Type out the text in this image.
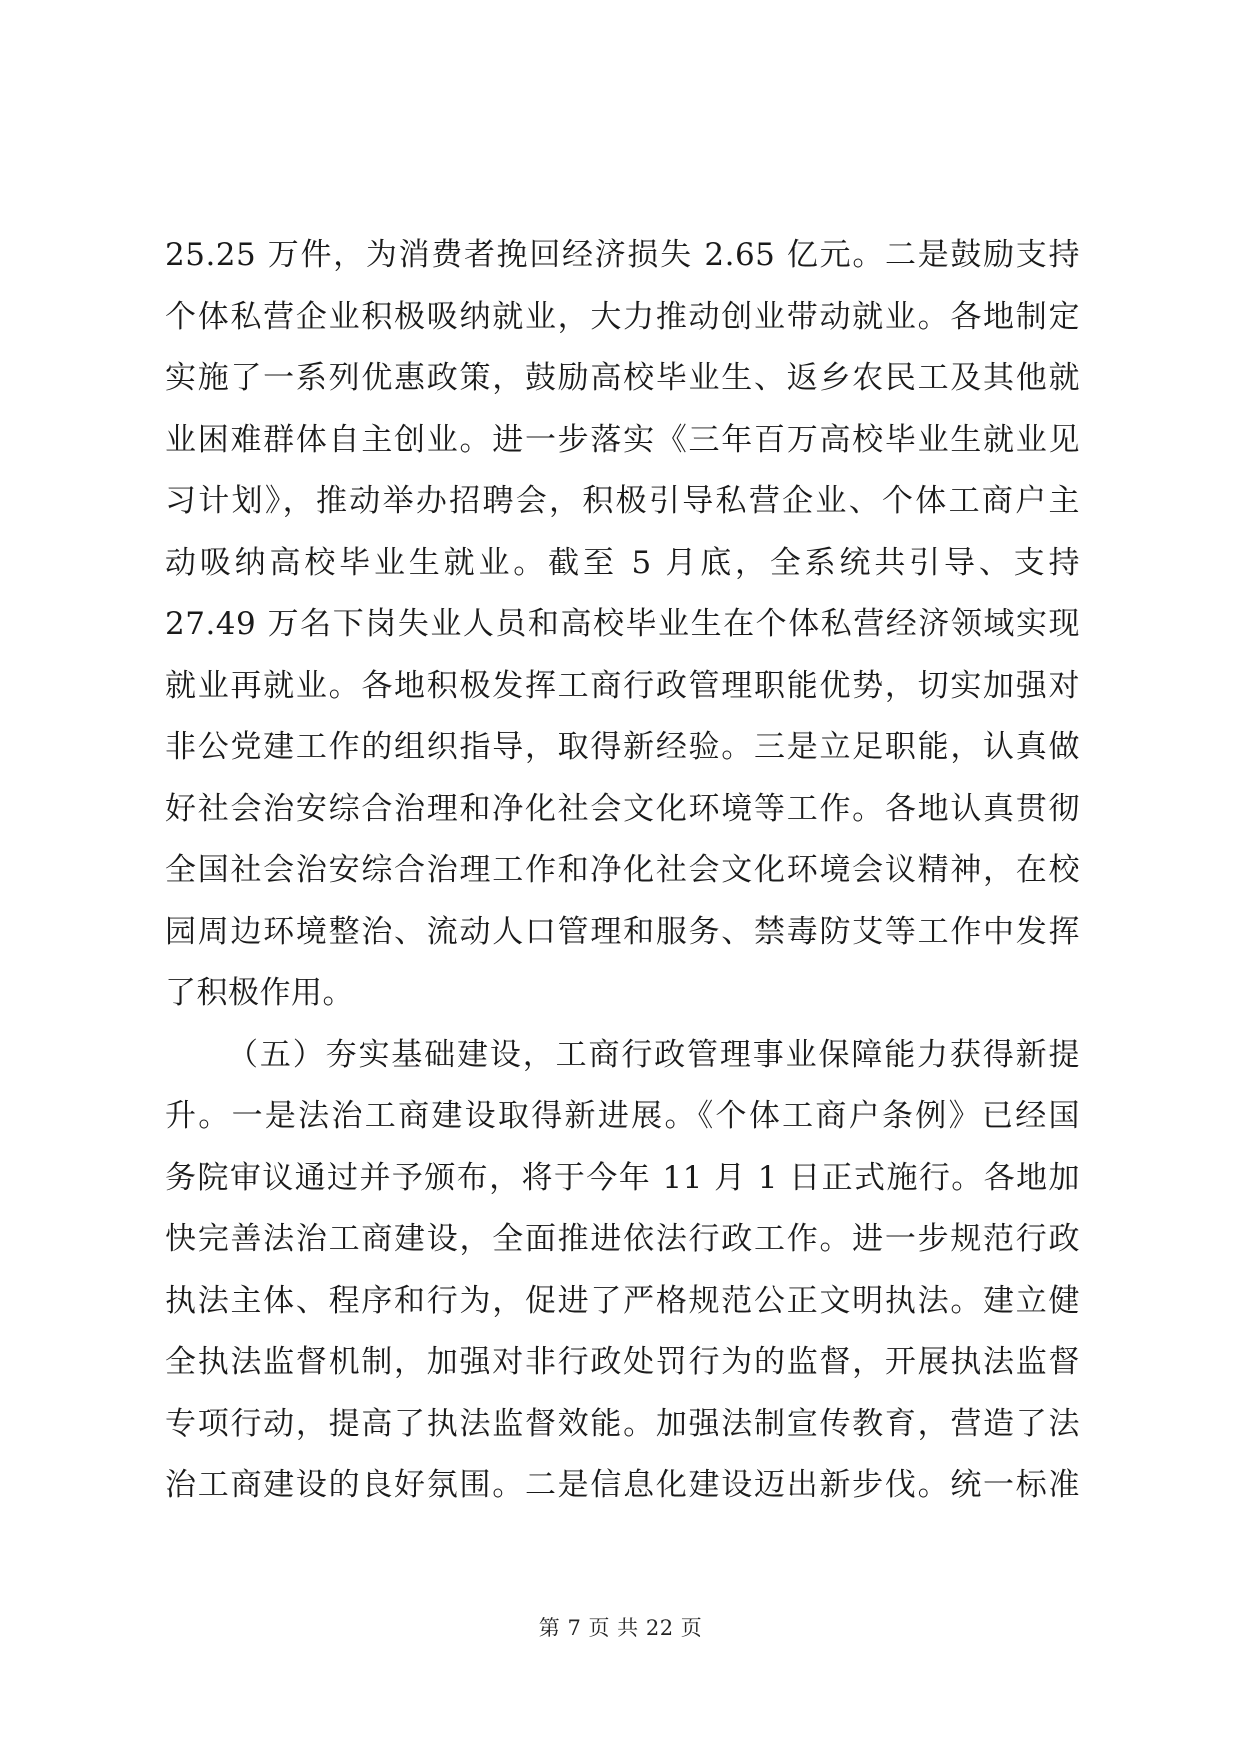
25.25 万件，为消费者挽回经济损失 2.65 亿元。二是鼓励支持
个体私营企业积极吸纳就业，大力推动创业带动就业。各地制定
实施了一系列优惠政策，鼓励高校毕业生、返乡农民工及其他就
业困难群体自主创业。进一步落实《三年百万高校毕业生就业见
习计划》，推动举办招聘会，积极引导私营企业、个体工商户主
动吸纳高校毕业生就业。截至 5 月底，全系统共引导、支持
27.49 万名下岗失业人员和高校毕业生在个体私营经济领域实现
就业再就业。各地积极发挥工商行政管理职能优势，切实加强对
非公党建工作的组织指导，取得新经验。三是立足职能，认真做
好社会治安综合治理和净化社会文化环境等工作。各地认真贯彻
全国社会治安综合治理工作和净化社会文化环境会议精神，在校
园周边环境整治、流动人口管理和服务、禁毒防艾等工作中发挥
了积极作用。
（五）夯实基础建设，工商行政管理事业保障能力获得新提
升。一是法治工商建设取得新进展。《个体工商户条例》已经国
务院审议通过并予颁布，将于今年 11 月 1 日正式施行。各地加
快完善法治工商建设，全面推进依法行政工作。进一步规范行政
执法主体、程序和行为，促进了严格规范公正文明执法。建立健
全执法监督机制，加强对非行政处罚行为的监督，开展执法监督
专项行动，提高了执法监督效能。加强法制宣传教育，营造了法
治工商建设的良好氛围。二是信息化建设迈出新步伐。统一标准
第 7 页 共 22 页
